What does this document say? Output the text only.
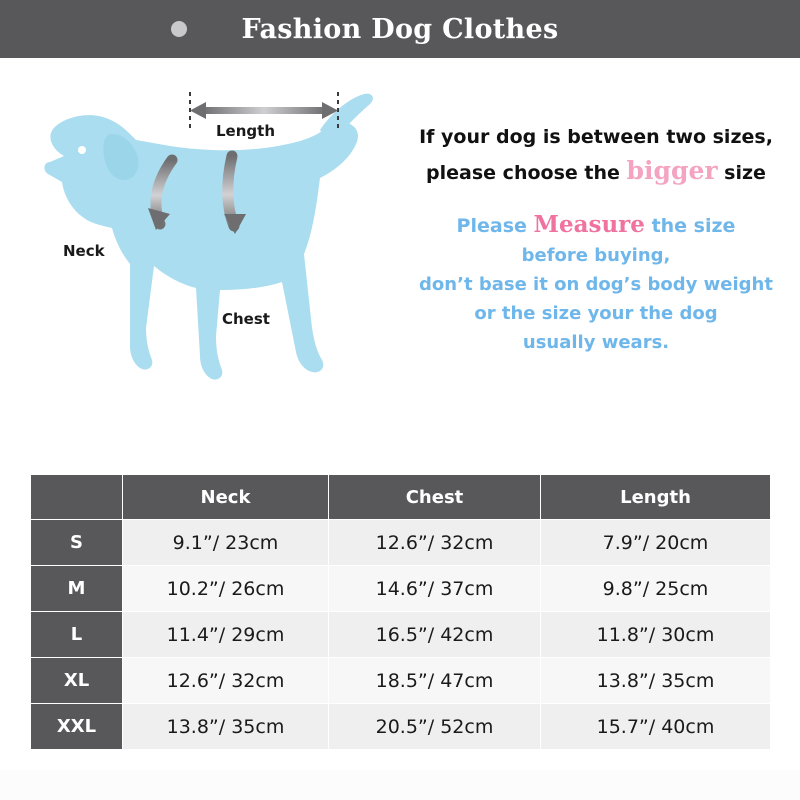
Fashion Dog Clothes
Length
Neck
Chest
If your dog is between two sizes,
please choose the bigger size
Please Measure the size
before buying,
don’t base it on dog’s body weight
or the size your the dog
usually wears.
	Neck	Chest	Length
S	9.1”/ 23cm	12.6”/ 32cm	7.9”/ 20cm
M	10.2”/ 26cm	14.6”/ 37cm	9.8”/ 25cm
L	11.4”/ 29cm	16.5”/ 42cm	11.8”/ 30cm
XL	12.6”/ 32cm	18.5”/ 47cm	13.8”/ 35cm
XXL	13.8”/ 35cm	20.5”/ 52cm	15.7”/ 40cm
